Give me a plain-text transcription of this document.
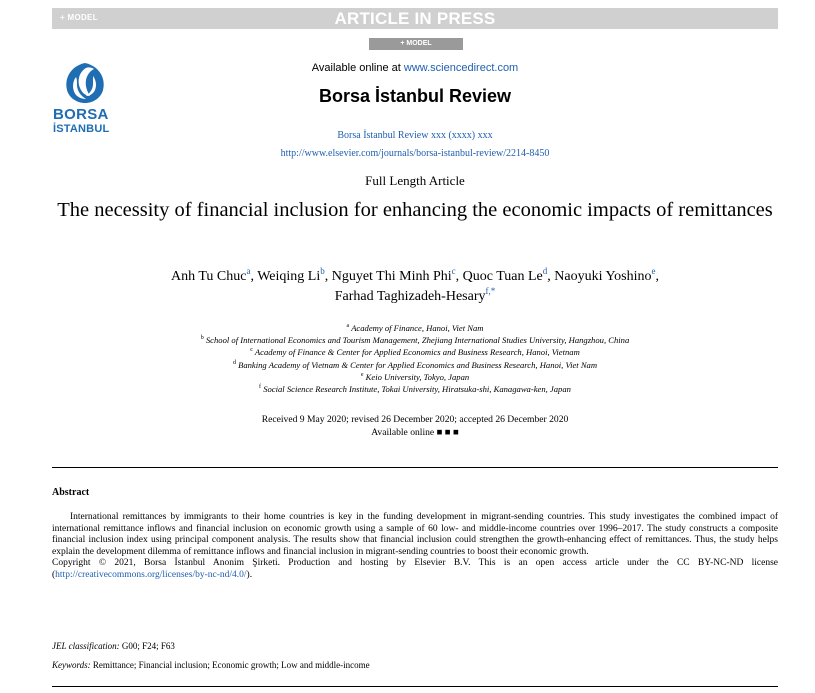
+ MODEL	ARTICLE IN PRESS
+ MODEL
BORSA
İSTANBUL
Available online at www.sciencedirect.com
Borsa İstanbul Review
Borsa İstanbul Review xxx (xxxx) xxx
http://www.elsevier.com/journals/borsa-istanbul-review/2214-8450
Full Length Article
The necessity of financial inclusion for enhancing the economic impacts of remittances
Anh Tu Chuc$^a$, Weiqing Li$^b$, Nguyet Thi Minh Phi$^c$, Quoc Tuan Le$^d$, Naoyuki Yoshino$^e$,
Farhad Taghizadeh-Hesary$^{f,*}$
$^a$ Academy of Finance, Hanoi, Viet Nam
$^b$ School of International Economics and Tourism Management, Zhejiang International Studies University, Hangzhou, China
$^c$ Academy of Finance & Center for Applied Economics and Business Research, Hanoi, Vietnam
$^d$ Banking Academy of Vietnam & Center for Applied Economics and Business Research, Hanoi, Viet Nam
$^e$ Keio University, Tokyo, Japan
$^f$ Social Science Research Institute, Tokai University, Hiratsuka-shi, Kanagawa-ken, Japan
Received 9 May 2020; revised 26 December 2020; accepted 26 December 2020
Available online ■ ■ ■
Abstract
International remittances by immigrants to their home countries is key in the funding development in migrant-sending countries. This study investigates the combined impact of international remittance inflows and financial inclusion on economic growth using a sample of 60 low- and middle-income countries over 1996–2017. The study constructs a composite financial inclusion index using principal component analysis. The results show that financial inclusion could strengthen the growth-enhancing effect of remittances. Thus, the study helps explain the development dilemma of remittance inflows and financial inclusion in migrant-sending countries to boost their economic growth.
Copyright © 2021, Borsa İstanbul Anonim Şirketi. Production and hosting by Elsevier B.V. This is an open access article under the CC BY-NC-ND license (http://creativecommons.org/licenses/by-nc-nd/4.0/).
JEL classification: G00; F24; F63
Keywords: Remittance; Financial inclusion; Economic growth; Low and middle-income
